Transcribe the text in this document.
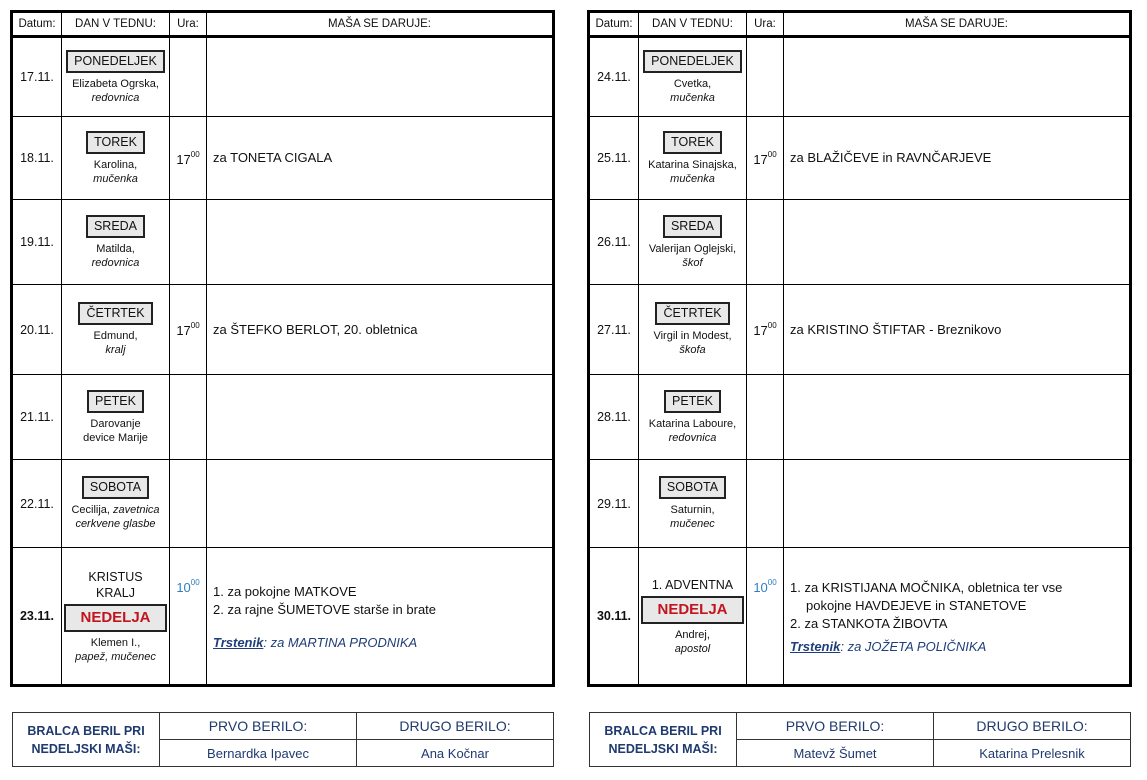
Datum:	DAN V TEDNU:	Ura:	MAŠA SE DARUJE:
17.11.	PONEDELJEK
Elizabeta Ogrska,
redovnica		

18.11.	TOREK
Karolina,
mučenka	$17^{00}$	za TONETA CIGALA

19.11.	SREDA
Matilda,
redovnica		

20.11.	ČETRTEK
Edmund,
kralj	$17^{00}$	za ŠTEFKO BERLOT, 20. obletnica

21.11.	PETEK
Darovanje
device Marije		

22.11.	SOBOTA
Cecilija, zavetnica
cerkvene glasbe		

23.11.	KRISTUS
KRALJ
NEDELJA
Klemen I.,
papež, mučenec	$10^{00}$	1. za pokojne MATKOVE
2. za rajne ŠUMETOVE starše in brate
Trstenik: za MARTINA PRODNIKA
BRALCA BERIL PRI
NEDELJSKI MAŠI:	PRVO BERILO:	DRUGO BERILO:
	Bernardka Ipavec	Ana Kočnar
Datum:	DAN V TEDNU:	Ura:	MAŠA SE DARUJE:
24.11.	PONEDELJEK
Cvetka,
mučenka		

25.11.	TOREK
Katarina Sinajska,
mučenka	$17^{00}$	za BLAŽIČEVE in RAVNČARJEVE

26.11.	SREDA
Valerijan Oglejski,
škof		

27.11.	ČETRTEK
Virgil in Modest,
škofa	$17^{00}$	za KRISTINO ŠTIFTAR - Breznikovo

28.11.	PETEK
Katarina Laboure,
redovnica		

29.11.	SOBOTA
Saturnin,
mučenec		

30.11.	1. ADVENTNA
NEDELJA
Andrej,
apostol	$10^{00}$	1. za KRISTIJANA MOČNIKA, obletnica ter vse
pokojne HAVDEJEVE in STANETOVE
2. za STANKOTA ŽIBOVTA
Trstenik: za JOŽETA POLIČNIKA
BRALCA BERIL PRI
NEDELJSKI MAŠI:	PRVO BERILO:	DRUGO BERILO:
	Matevž Šumet	Katarina Prelesnik
